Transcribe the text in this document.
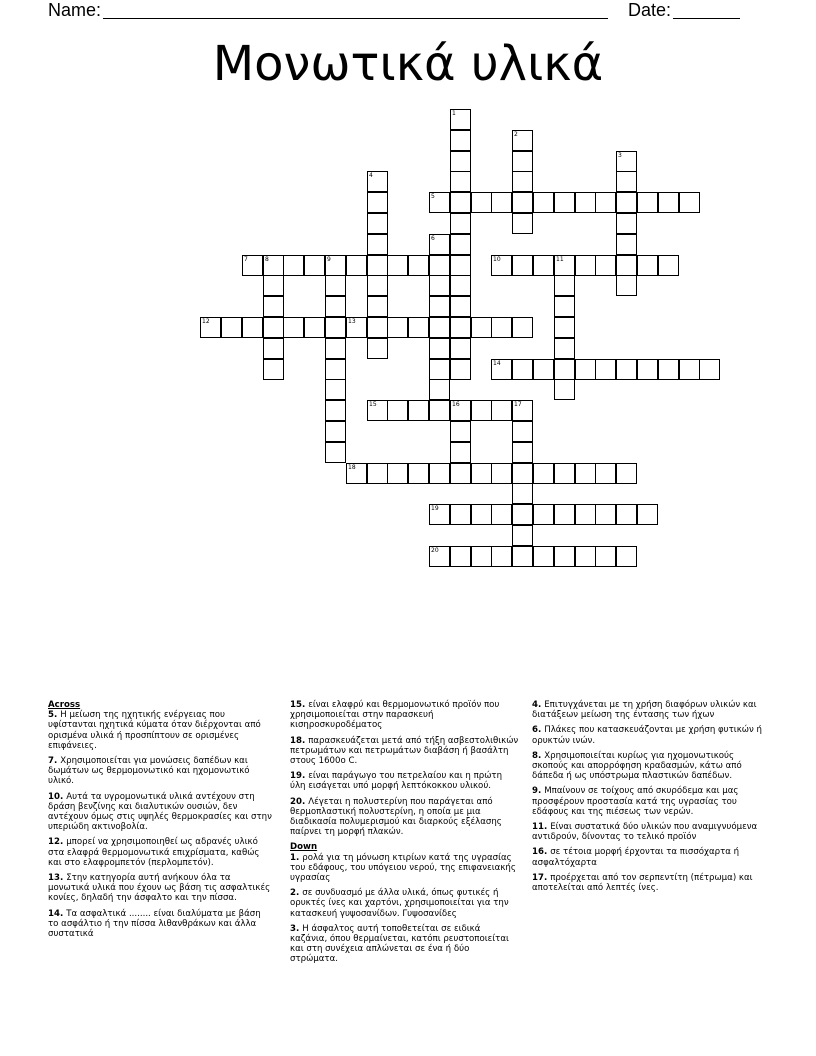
Name:	Date:
Μονωτικά υλικά
1
2
3
4
5
6
7	8	9	10	11
12	13
14
15	16	17
18
19
20
Across
5. Η μείωση της ηχητικής ενέργειας που υφίστανται ηχητικά κύματα όταν διέρχονται από ορισμένα υλικά ή προσπίπτουν σε ορισμένες επιφάνειες.
7. Χρησιμοποιείται για μονώσεις δαπέδων και δωμάτων ως θερμομονωτικό και ηχομονωτικό υλικό.
10. Αυτά τα υγρομονωτικά υλικά αντέχουν στη δράση βενζίνης και διαλυτικών ουσιών, δεν αντέχουν όμως στις υψηλές θερμοκρασίες και στην υπεριώδη ακτινοβολία.
12. μπορεί να χρησιμοποιηθεί ως αδρανές υλικό στα ελαφρά θερμομονωτικά επιχρίσματα, καθώς και στο ελαφρομπετόν (περλομπετόν).
13. Στην κατηγορία αυτή ανήκουν όλα τα μονωτικά υλικά που έχουν ως βάση τις ασφαλτικές κονίες, δηλαδή την άσφαλτο και την πίσσα.
14. Τα ασφαλτικά ........ είναι διαλύματα με βάση το ασφάλτιο ή την πίσσα λιθανθράκων και άλλα συστατικά
15. είναι ελαφρύ και θερμομονωτικό προϊόν που χρησιμοποιείται στην παρασκευή κισηροσκυροδέματος
18. παρασκευάζεται μετά από τήξη ασβεστολιθικών πετρωμάτων και πετρωμάτων διαβάση ή βασάλτη στους 1600ο C.
19. είναι παράγωγο του πετρελαίου και η πρώτη ύλη εισάγεται υπό μορφή λεπτόκοκκου υλικού.
20. Λέγεται η πολυστερίνη που παράγεται από θερμοπλαστική πολυστερίνη, η οποία με μια διαδικασία πολυμερισμού και διαρκούς εξέλασης παίρνει τη μορφή πλακών.
Down
1. ρολά για τη μόνωση κτιρίων κατά της υγρασίας του εδάφους, του υπόγειου νερού, της επιφανειακής υγρασίας
2. σε συνδυασμό με άλλα υλικά, όπως φυτικές ή ορυκτές ίνες και χαρτόνι, χρησιμοποιείται για την κατασκευή γυψοσανίδων. Γυψοσανίδες
3. Η άσφαλτος αυτή τοποθετείται σε ειδικά καζάνια, όπου θερμαίνεται, κατόπι ρευστοποιείται και στη συνέχεια απλώνεται σε ένα ή δύο στρώματα.
4. Επιτυγχάνεται με τη χρήση διαφόρων υλικών και διατάξεων μείωση της έντασης των ήχων
6. Πλάκες που κατασκευάζονται με χρήση φυτικών ή ορυκτών ινών.
8. Χρησιμοποιείται κυρίως για ηχομονωτικούς σκοπούς και απορρόφηση κραδασμών, κάτω από δάπεδα ή ως υπόστρωμα πλαστικών δαπέδων.
9. Μπαίνουν σε τοίχους από σκυρόδεμα και μας προσφέρουν προστασία κατά της υγρασίας του εδάφους και της πιέσεως των νερών.
11. Είναι συστατικά δύο υλικών που αναμιγνυόμενα αντιδρούν, δίνοντας το τελικό προϊόν
16. σε τέτοια μορφή έρχονται τα πισσόχαρτα ή ασφαλτόχαρτα
17. προέρχεται από τον σερπεντίτη (πέτρωμα) και αποτελείται από λεπτές ίνες.
